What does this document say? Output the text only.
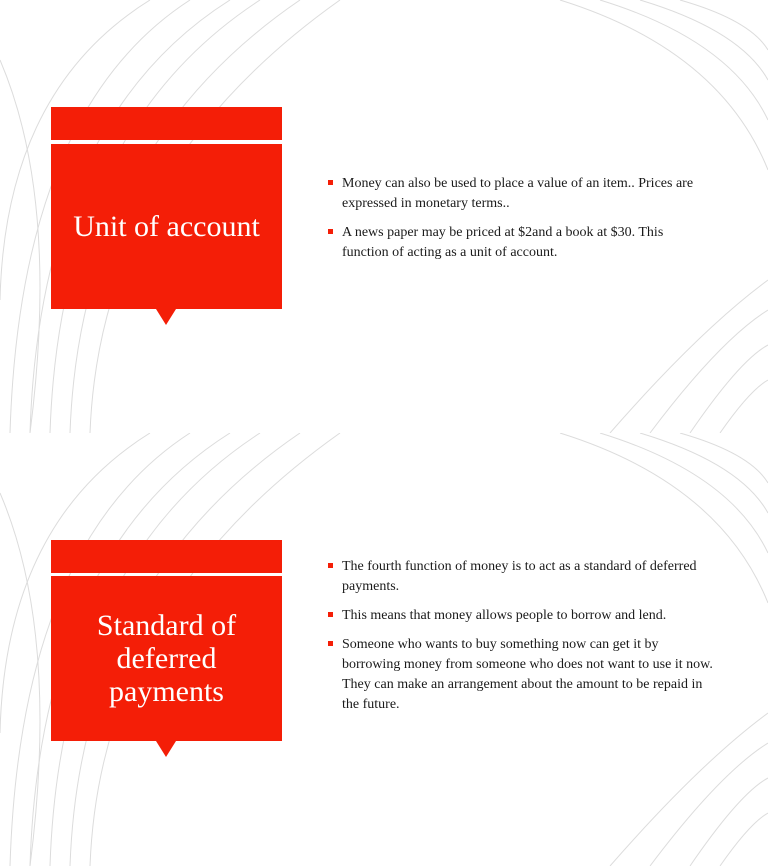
Unit of account
Money can also be used to place a value of an item.. Prices are expressed in monetary terms..
A news paper may be priced at $2and a book at $30. This function of acting as a unit of account.
Standard of deferred payments
The fourth function of money is to act as a standard of deferred payments.
This means that money allows people to borrow and lend.
Someone who wants to buy something now can get it by borrowing money from someone who does not want to use it now. They can make an arrangement about the amount to be repaid in the future.
